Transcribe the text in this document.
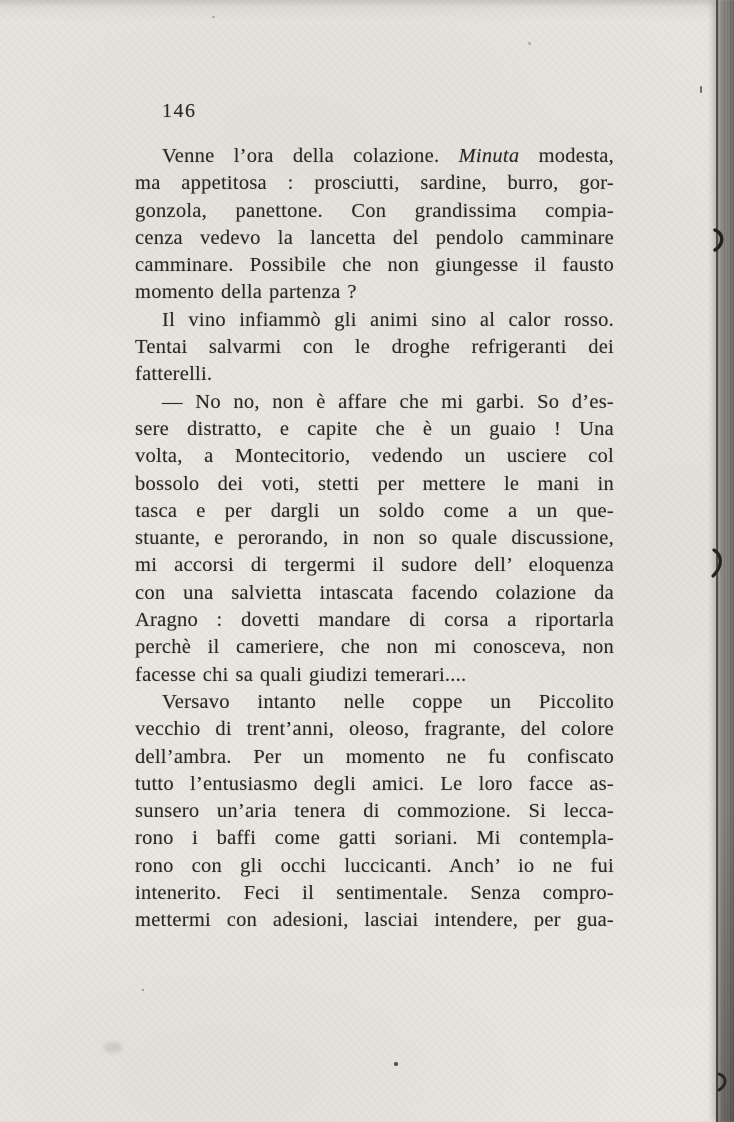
146
Venne l’ora della colazione. Minuta modesta,
ma appetitosa : prosciutti, sardine, burro, gor-
gonzola, panettone. Con grandissima compia-
cenza vedevo la lancetta del pendolo camminare
camminare. Possibile che non giungesse il fausto
momento della partenza ?
Il vino infiammò gli animi sino al calor rosso.
Tentai salvarmi con le droghe refrigeranti dei
fatterelli.
— No no, non è affare che mi garbi. So d’es-
sere distratto, e capite che è un guaio ! Una
volta, a Montecitorio, vedendo un usciere col
bossolo dei voti, stetti per mettere le mani in
tasca e per dargli un soldo come a un que-
stuante, e perorando, in non so quale discussione,
mi accorsi di tergermi il sudore dell’ eloquenza
con una salvietta intascata facendo colazione da
Aragno : dovetti mandare di corsa a riportarla
perchè il cameriere, che non mi conosceva, non
facesse chi sa quali giudizi temerari....
Versavo intanto nelle coppe un Piccolito
vecchio di trent’anni, oleoso, fragrante, del colore
dell’ambra. Per un momento ne fu confiscato
tutto l’entusiasmo degli amici. Le loro facce as-
sunsero un’aria tenera di commozione. Si lecca-
rono i baffi come gatti soriani. Mi contempla-
rono con gli occhi luccicanti. Anch’ io ne fui
intenerito. Feci il sentimentale. Senza compro-
mettermi con adesioni, lasciai intendere, per gua-
